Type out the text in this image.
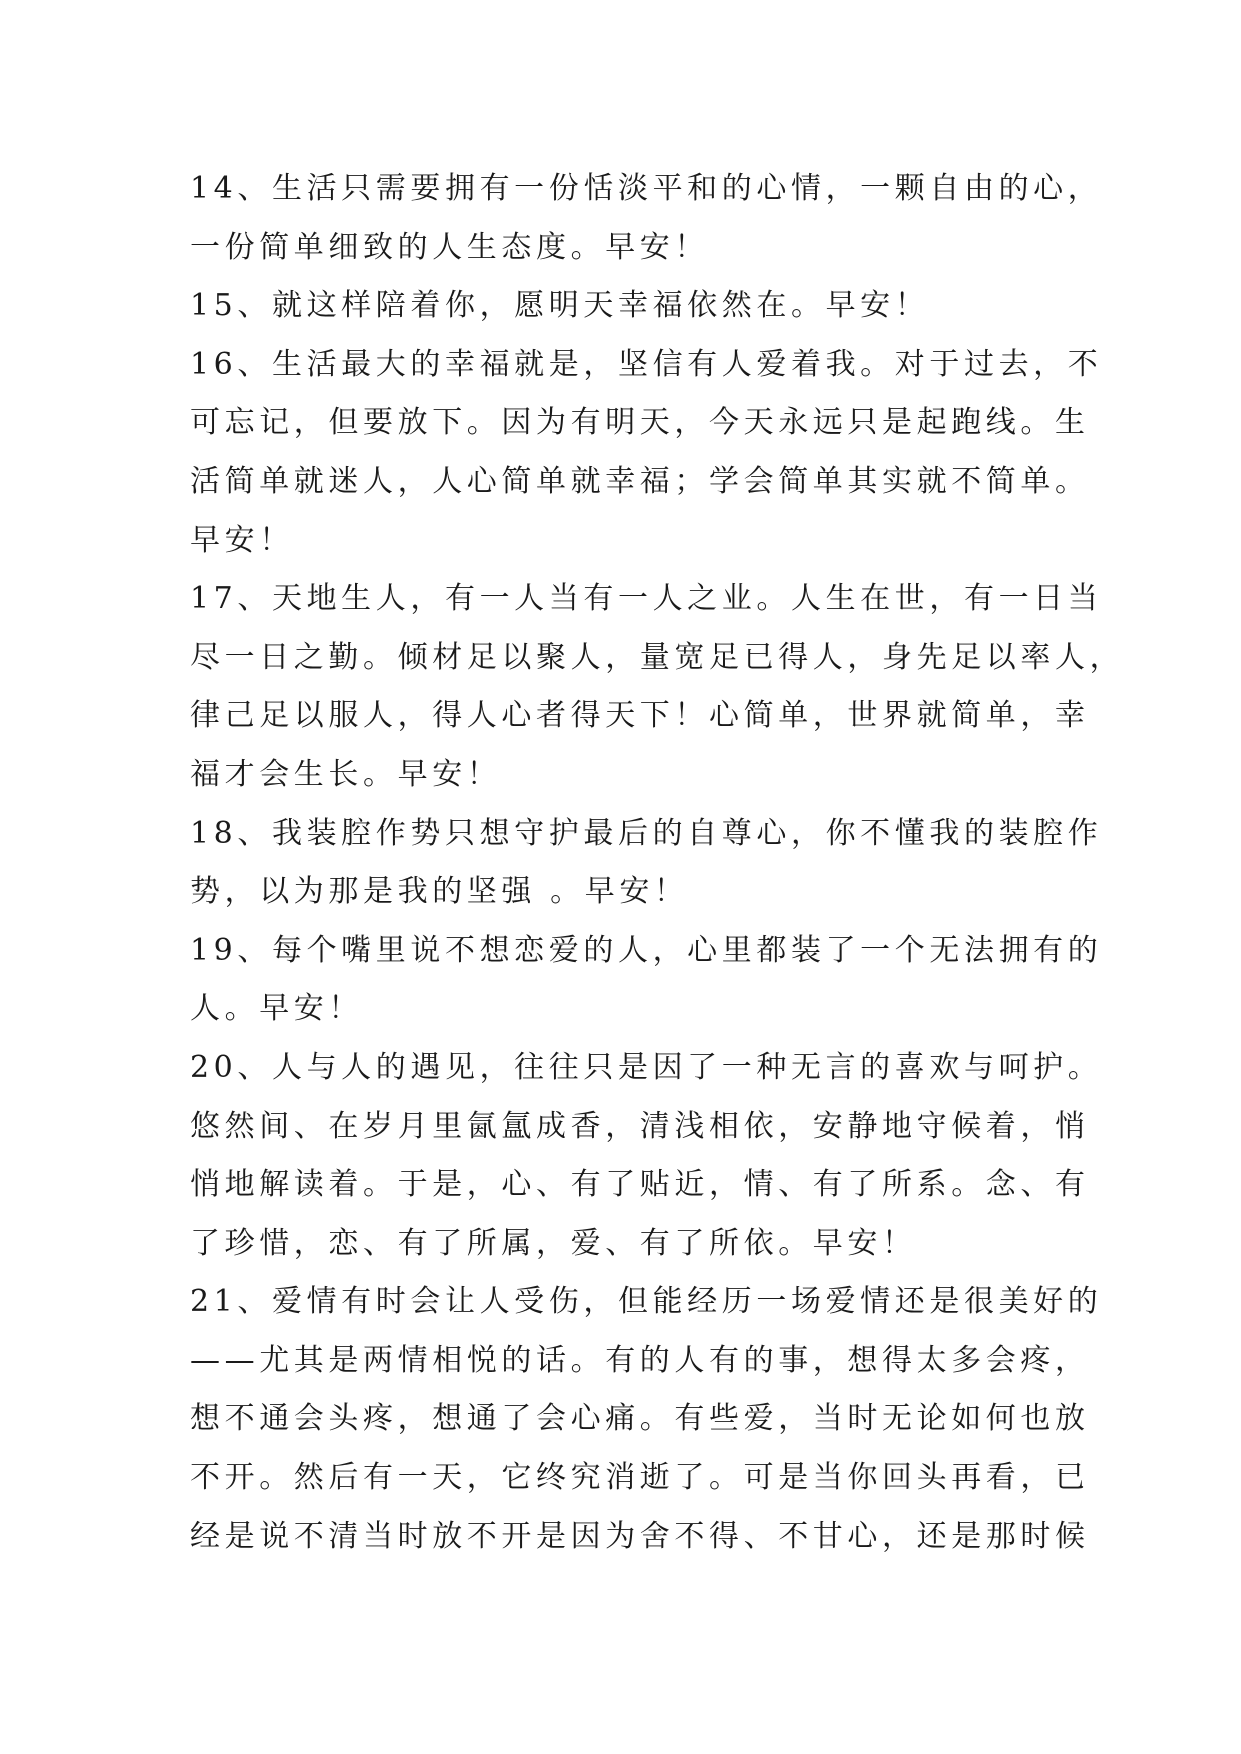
14、生活只需要拥有一份恬淡平和的心情，一颗自由的心，
一份简单细致的人生态度。早安！
15、就这样陪着你，愿明天幸福依然在。早安！
16、生活最大的幸福就是，坚信有人爱着我。对于过去，不
可忘记，但要放下。因为有明天，今天永远只是起跑线。生
活简单就迷人，人心简单就幸福；学会简单其实就不简单。
早安！
17、天地生人，有一人当有一人之业。人生在世，有一日当
尽一日之勤。倾材足以聚人，量宽足已得人，身先足以率人，
律己足以服人，得人心者得天下！心简单，世界就简单，幸
福才会生长。早安！
18、我装腔作势只想守护最后的自尊心，你不懂我的装腔作
势，以为那是我的坚强 。早安！
19、每个嘴里说不想恋爱的人，心里都装了一个无法拥有的
人。早安！
20、人与人的遇见，往往只是因了一种无言的喜欢与呵护。
悠然间、在岁月里氤氲成香，清浅相依，安静地守候着，悄
悄地解读着。于是，心、有了贴近，情、有了所系。念、有
了珍惜，恋、有了所属，爱、有了所依。早安！
21、爱情有时会让人受伤，但能经历一场爱情还是很美好的
——尤其是两情相悦的话。有的人有的事，想得太多会疼，
想不通会头疼，想通了会心痛。有些爱，当时无论如何也放
不开。然后有一天，它终究消逝了。可是当你回头再看，已
经是说不清当时放不开是因为舍不得、不甘心，还是那时候
